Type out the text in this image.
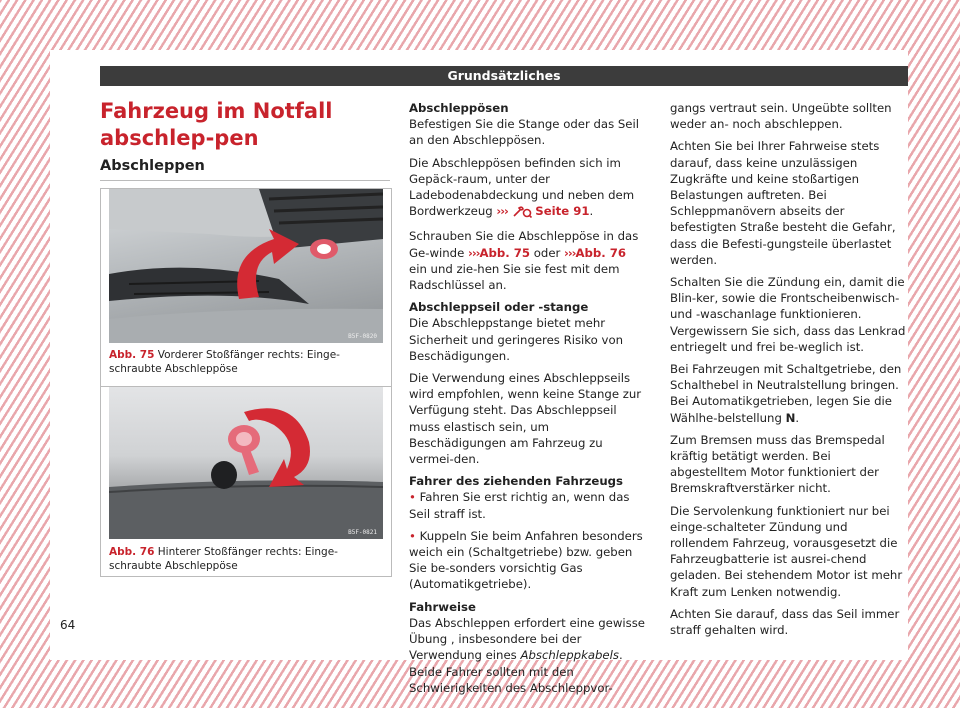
Grundsätzliches
Fahrzeug im Notfall abschlep-pen
Abschleppen
B5F-0820
Abb. 75 Vorderer Stoßfänger rechts: Einge-schraubte Abschleppöse
B5F-0821
Abb. 76 Hinterer Stoßfänger rechts: Einge-schraubte Abschleppöse
Abschleppösen

Befestigen Sie die Stange oder das Seil an den Abschleppösen.

Die Abschleppösen befinden sich im Gepäck-raum, unter der Ladebodenabdeckung und neben dem Bordwerkzeug ››› Seite 91.

Schrauben Sie die Abschleppöse in das Ge-winde ›››Abb. 75 oder ›››Abb. 76 ein und zie-hen Sie sie fest mit dem Radschlüssel an.

Abschleppseil oder -stange

Die Abschleppstange bietet mehr Sicherheit und geringeres Risiko von Beschädigungen.

Die Verwendung eines Abschleppseils wird empfohlen, wenn keine Stange zur Verfügung steht. Das Abschleppseil muss elastisch sein, um Beschädigungen am Fahrzeug zu vermei-den.

Fahrer des ziehenden Fahrzeugs

• Fahren Sie erst richtig an, wenn das Seil straff ist.

• Kuppeln Sie beim Anfahren besonders weich ein (Schaltgetriebe) bzw. geben Sie be-sonders vorsichtig Gas (Automatikgetriebe).

Fahrweise

Das Abschleppen erfordert eine gewisse Übung , insbesondere bei der Verwendung eines Abschleppkabels. Beide Fahrer sollten mit den Schwierigkeiten des Abschleppvor-

gangs vertraut sein. Ungeübte sollten weder an- noch abschleppen.

Achten Sie bei Ihrer Fahrweise stets darauf, dass keine unzulässigen Zugkräfte und keine stoßartigen Belastungen auftreten. Bei Schleppmanövern abseits der befestigten Straße besteht die Gefahr, dass die Befesti-gungsteile überlastet werden.

Schalten Sie die Zündung ein, damit die Blin-ker, sowie die Frontscheibenwisch- und -waschanlage funktionieren. Vergewissern Sie sich, dass das Lenkrad entriegelt und frei be-weglich ist.

Bei Fahrzeugen mit Schaltgetriebe, den Schalthebel in Neutralstellung bringen. Bei Automatikgetrieben, legen Sie die Wählhe-belstellung N.

Zum Bremsen muss das Bremspedal kräftig betätigt werden. Bei abgestelltem Motor funktioniert der Bremskraftverstärker nicht.

Die Servolenkung funktioniert nur bei einge-schalteter Zündung und rollendem Fahrzeug, vorausgesetzt die Fahrzeugbatterie ist ausrei-chend geladen. Bei stehendem Motor ist mehr Kraft zum Lenken notwendig.

Achten Sie darauf, dass das Seil immer straff gehalten wird.

64
